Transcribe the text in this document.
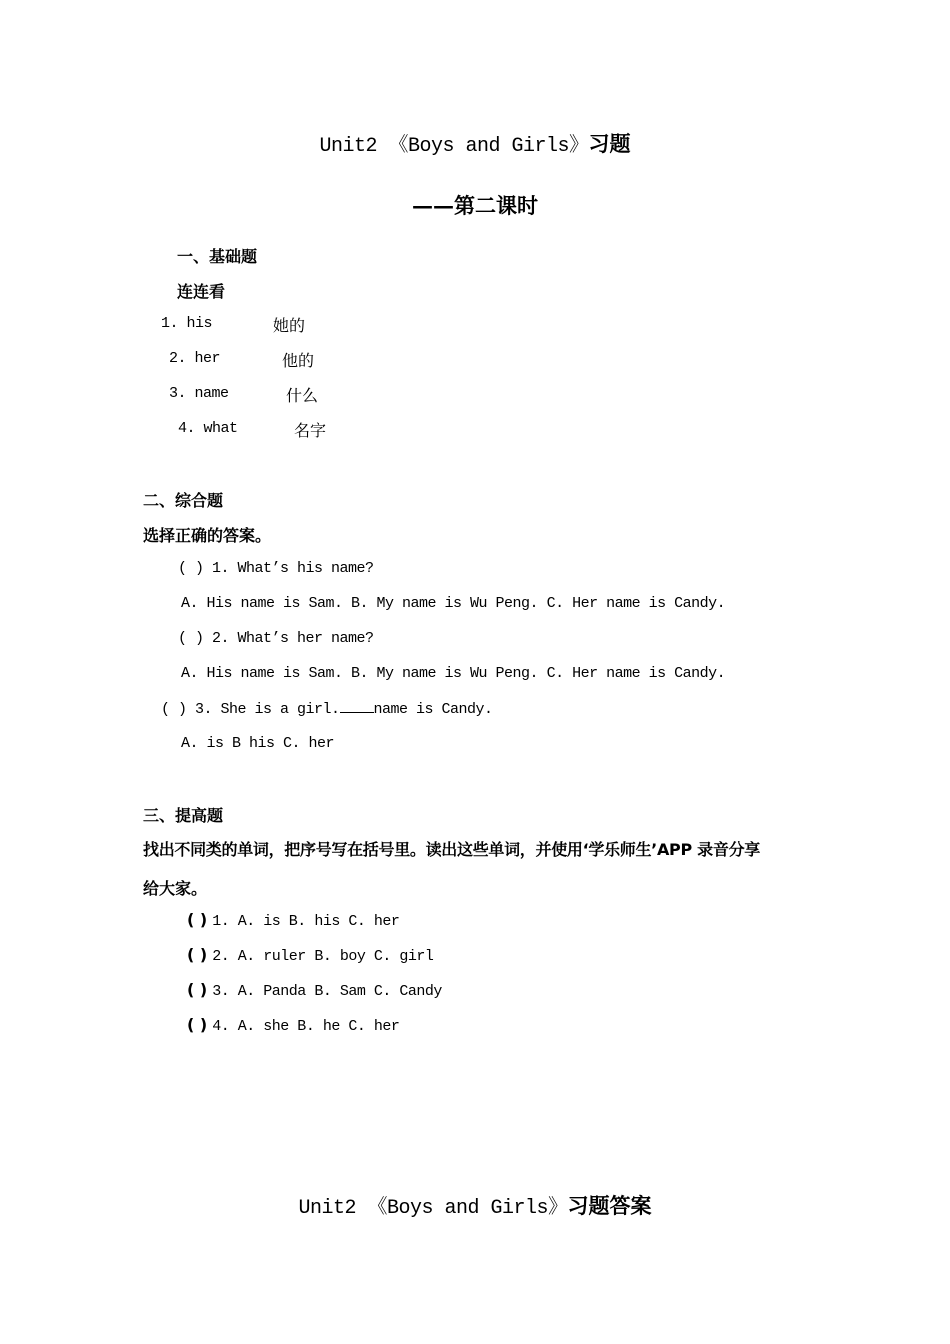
Unit2 《Boys and Girls》习题
——第二课时
一、基础题
连连看
1. his	她的
2. her	他的
3. name	什么
4. what	名字
二、综合题
选择正确的答案。
( ) 1. What’s his name?
A. His name is Sam. B. My name is Wu Peng. C. Her name is Candy.
( ) 2. What’s her name?
A. His name is Sam. B. My name is Wu Peng. C. Her name is Candy.
( ) 3. She is a girl. name is Candy.
A. is B his C. her
三、提高题
找出不同类的单词，把序号写在括号里。读出这些单词，并使用‘学乐师生’APP 录音分享
给大家。
( ) 1. A. is B. his C. her
( ) 2. A. ruler B. boy C. girl
( ) 3. A. Panda B. Sam C. Candy
( ) 4. A. she B. he C. her
Unit2 《Boys and Girls》习题答案
